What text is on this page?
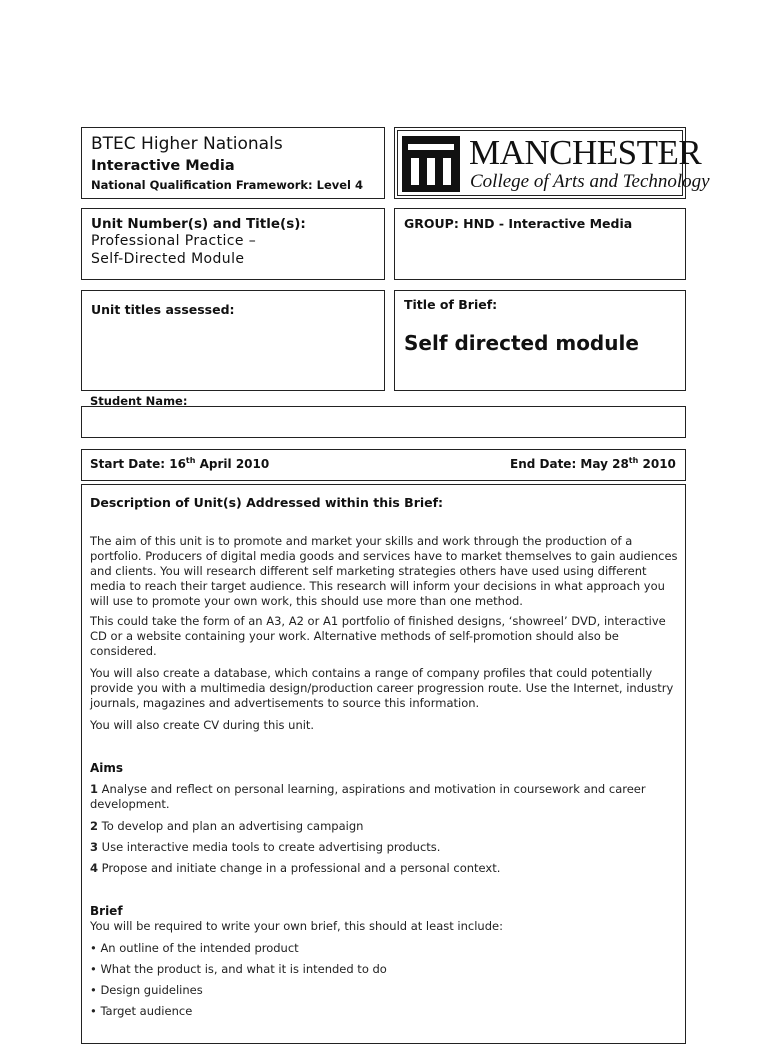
BTEC Higher Nationals
Interactive Media
National Qualification Framework: Level 4
MANCHESTER
College of Arts and Technology
Unit Number(s) and Title(s):
Professional Practice –
Self-Directed Module
GROUP: HND - Interactive Media
Unit titles assessed:	Title of Brief:
Self directed module
Student Name:
Start Date: 16th April 2010	End Date: May 28th 2010
Description of Unit(s) Addressed within this Brief:
The aim of this unit is to promote and market your skills and work through the production of a portfolio. Producers of digital media goods and services have to market themselves to gain audiences and clients. You will research different self marketing strategies others have used using different media to reach their target audience. This research will inform your decisions in what approach you will use to promote your own work, this should use more than one method.
This could take the form of an A3, A2 or A1 portfolio of finished designs, ‘showreel’ DVD, interactive CD or a website containing your work. Alternative methods of self-promotion should also be considered.
You will also create a database, which contains a range of company profiles that could potentially provide you with a multimedia design/production career progression route. Use the Internet, industry journals, magazines and advertisements to source this information.
You will also create CV during this unit.
Aims
1 Analyse and reflect on personal learning, aspirations and motivation in coursework and career development.
2 To develop and plan an advertising campaign
3 Use interactive media tools to create advertising products.
4 Propose and initiate change in a professional and a personal context.
Brief
You will be required to write your own brief, this should at least include:
• An outline of the intended product
• What the product is, and what it is intended to do
• Design guidelines
• Target audience
